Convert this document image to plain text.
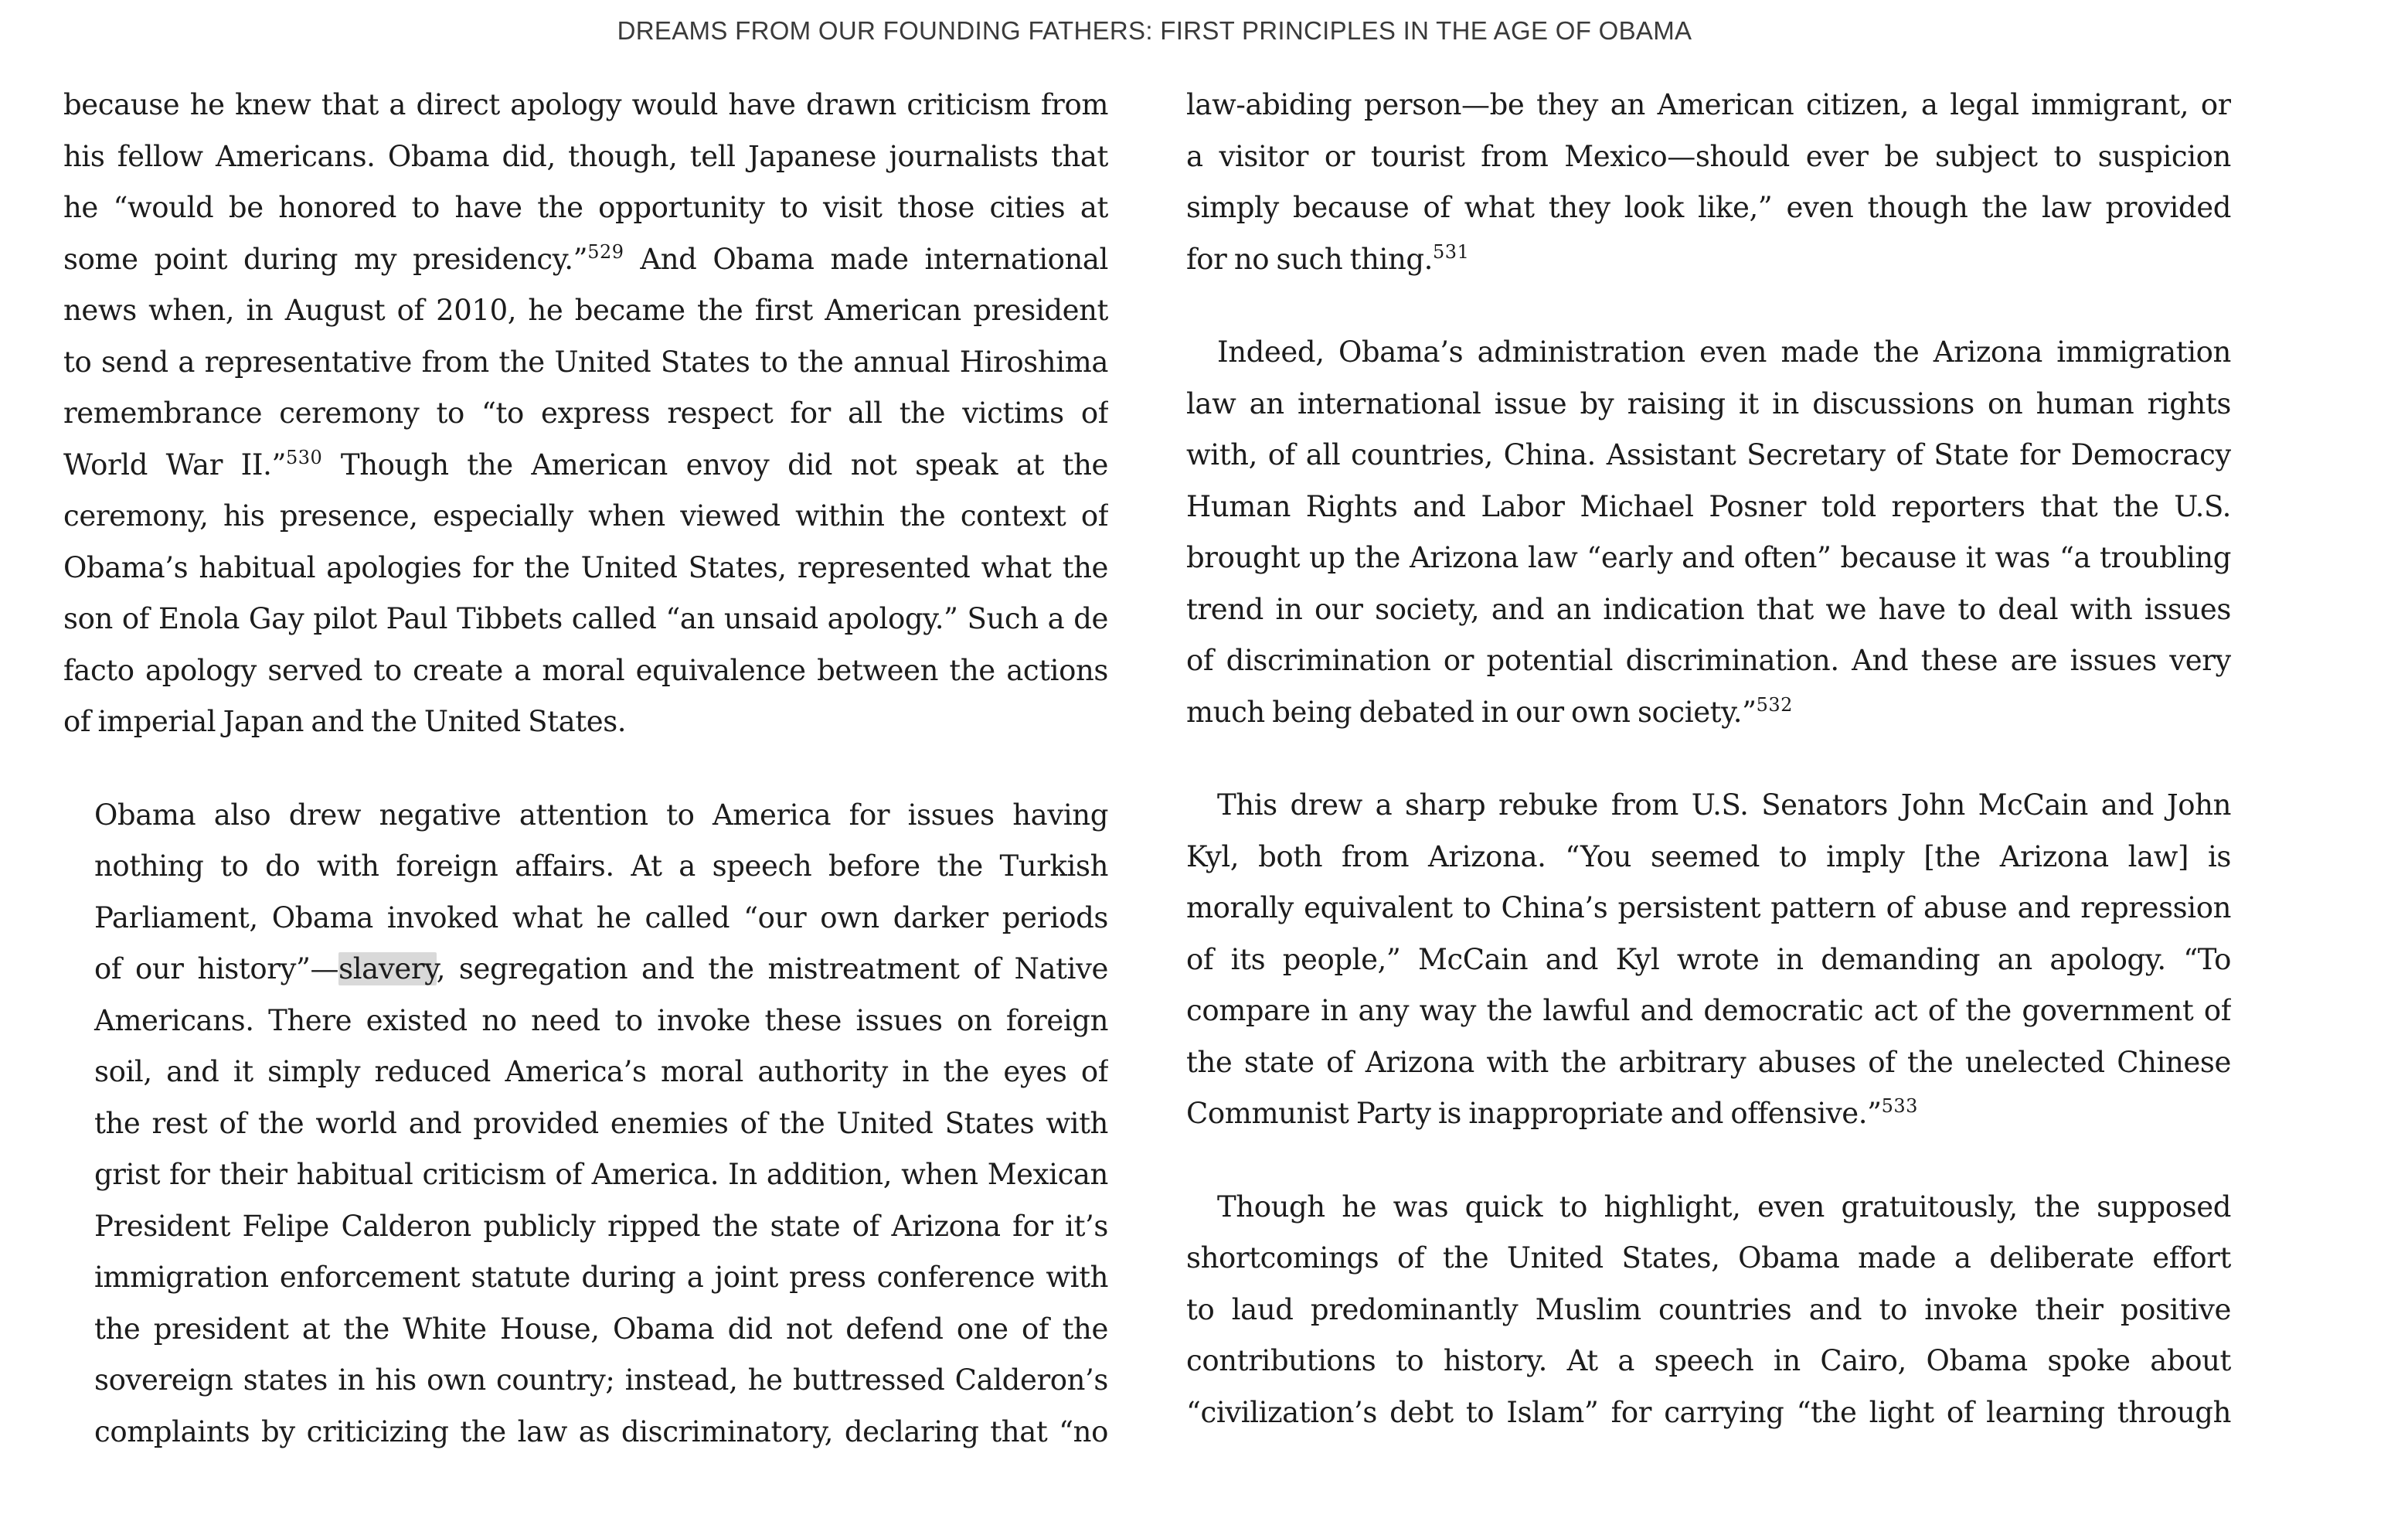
DREAMS FROM OUR FOUNDING FATHERS: FIRST PRINCIPLES IN THE AGE OF OBAMA

because he knew that a direct apology would have drawn criticism from
his fellow Americans. Obama did, though, tell Japanese journalists that
he “would be honored to have the opportunity to visit those cities at
some point during my presidency.”$^{529}$ And Obama made international
news when, in August of 2010, he became the first American president
to send a representative from the United States to the annual Hiroshima
remembrance ceremony to “to express respect for all the victims of
World War II.”$^{530}$ Though the American envoy did not speak at the
ceremony, his presence, especially when viewed within the context of
Obama’s habitual apologies for the United States, represented what the
son of Enola Gay pilot Paul Tibbets called “an unsaid apology.” Such a de
facto apology served to create a moral equivalence between the actions
of imperial Japan and the United States.

Obama also drew negative attention to America for issues having
nothing to do with foreign affairs. At a speech before the Turkish
Parliament, Obama invoked what he called “our own darker periods
of our history”—slavery, segregation and the mistreatment of Native
Americans. There existed no need to invoke these issues on foreign
soil, and it simply reduced America’s moral authority in the eyes of
the rest of the world and provided enemies of the United States with
grist for their habitual criticism of America. In addition, when Mexican
President Felipe Calderon publicly ripped the state of Arizona for it’s
immigration enforcement statute during a joint press conference with
the president at the White House, Obama did not defend one of the
sovereign states in his own country; instead, he buttressed Calderon’s
complaints by criticizing the law as discriminatory, declaring that “no

law-abiding person—be they an American citizen, a legal immigrant, or
a visitor or tourist from Mexico—should ever be subject to suspicion
simply because of what they look like,” even though the law provided
for no such thing.$^{531}$

Indeed, Obama’s administration even made the Arizona immigration
law an international issue by raising it in discussions on human rights
with, of all countries, China. Assistant Secretary of State for Democracy
Human Rights and Labor Michael Posner told reporters that the U.S.
brought up the Arizona law “early and often” because it was “a troubling
trend in our society, and an indication that we have to deal with issues
of discrimination or potential discrimination. And these are issues very
much being debated in our own society.”$^{532}$

This drew a sharp rebuke from U.S. Senators John McCain and John
Kyl, both from Arizona. “You seemed to imply [the Arizona law] is
morally equivalent to China’s persistent pattern of abuse and repression
of its people,” McCain and Kyl wrote in demanding an apology. “To
compare in any way the lawful and democratic act of the government of
the state of Arizona with the arbitrary abuses of the unelected Chinese
Communist Party is inappropriate and offensive.”$^{533}$

Though he was quick to highlight, even gratuitously, the supposed
shortcomings of the United States, Obama made a deliberate effort
to laud predominantly Muslim countries and to invoke their positive
contributions to history. At a speech in Cairo, Obama spoke about
“civilization’s debt to Islam” for carrying “the light of learning through
